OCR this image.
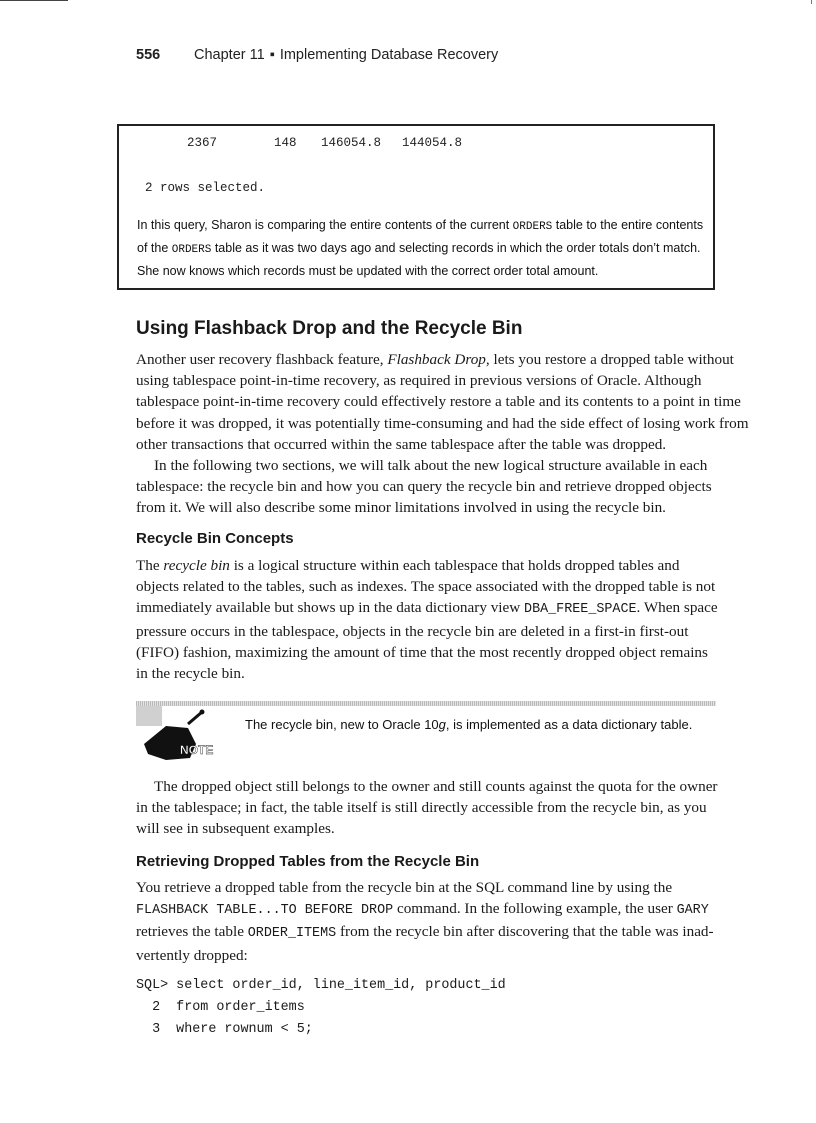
556 Chapter 11 ▪ Implementing Database Recovery
2367	148 146054.8 144054.8
2 rows selected.

In this query, Sharon is comparing the entire contents of the current ORDERS table to the entire contents of the ORDERS table as it was two days ago and selecting records in which the order totals don’t match. She now knows which records must be updated with the correct order total amount.

Using Flashback Drop and the Recycle Bin

Another user recovery flashback feature, Flashback Drop, lets you restore a dropped table without
using tablespace point-in-time recovery, as required in previous versions of Oracle. Although
tablespace point-in-time recovery could effectively restore a table and its contents to a point in time
before it was dropped, it was potentially time-consuming and had the side effect of losing work from
other transactions that occurred within the same tablespace after the table was dropped.

In the following two sections, we will talk about the new logical structure available in each
tablespace: the recycle bin and how you can query the recycle bin and retrieve dropped objects
from it. We will also describe some minor limitations involved in using the recycle bin.

Recycle Bin Concepts

The recycle bin is a logical structure within each tablespace that holds dropped tables and
objects related to the tables, such as indexes. The space associated with the dropped table is not
immediately available but shows up in the data dictionary view DBA_FREE_SPACE. When space
pressure occurs in the tablespace, objects in the recycle bin are deleted in a first-in first-out
(FIFO) fashion, maximizing the amount of time that the most recently dropped object remains
in the recycle bin.

NOTE
The recycle bin, new to Oracle 10g, is implemented as a data dictionary table.

The dropped object still belongs to the owner and still counts against the quota for the owner
in the tablespace; in fact, the table itself is still directly accessible from the recycle bin, as you
will see in subsequent examples.

Retrieving Dropped Tables from the Recycle Bin

You retrieve a dropped table from the recycle bin at the SQL command line by using the
FLASHBACK TABLE...TO BEFORE DROP command. In the following example, the user GARY
retrieves the table ORDER_ITEMS from the recycle bin after discovering that the table was inad-
vertently dropped:

SQL> select order_id, line_item_id, product_id
2  from order_items
3  where rownum < 5;
